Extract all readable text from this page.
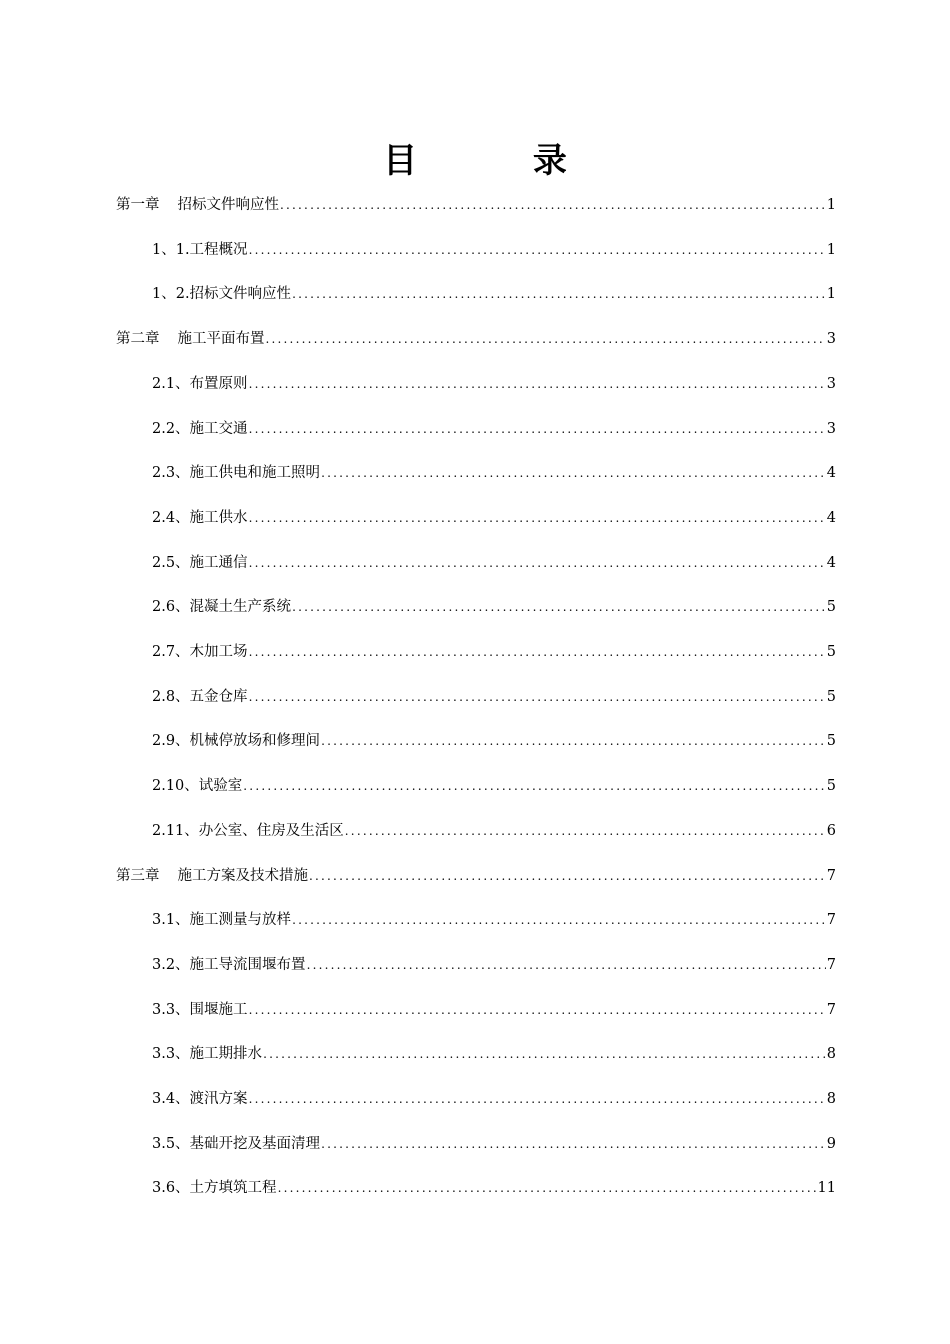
目 录
第一章 招标文件响应性 .....	1
1、1.工程概况 .....	1
1、2.招标文件响应性 .....	1
第二章 施工平面布置 .....	3
2.1、布置原则 .....	3
2.2、施工交通 .....	3
2.3、施工供电和施工照明 .....	4
2.4、施工供水 .....	4
2.5、施工通信 .....	4
2.6、混凝土生产系统 .....	5
2.7、木加工场 .....	5
2.8、五金仓库 .....	5
2.9、机械停放场和修理间 .....	5
2.10、试验室 .....	5
2.11、办公室、住房及生活区 .....	6
第三章 施工方案及技术措施 .....	7
3.1、施工测量与放样 .....	7
3.2、施工导流围堰布置 .....	7
3.3、围堰施工 .....	7
3.3、施工期排水 .....	8
3.4、渡汛方案 .....	8
3.5、基础开挖及基面清理 .....	9
3.6、土方填筑工程 .....	11
